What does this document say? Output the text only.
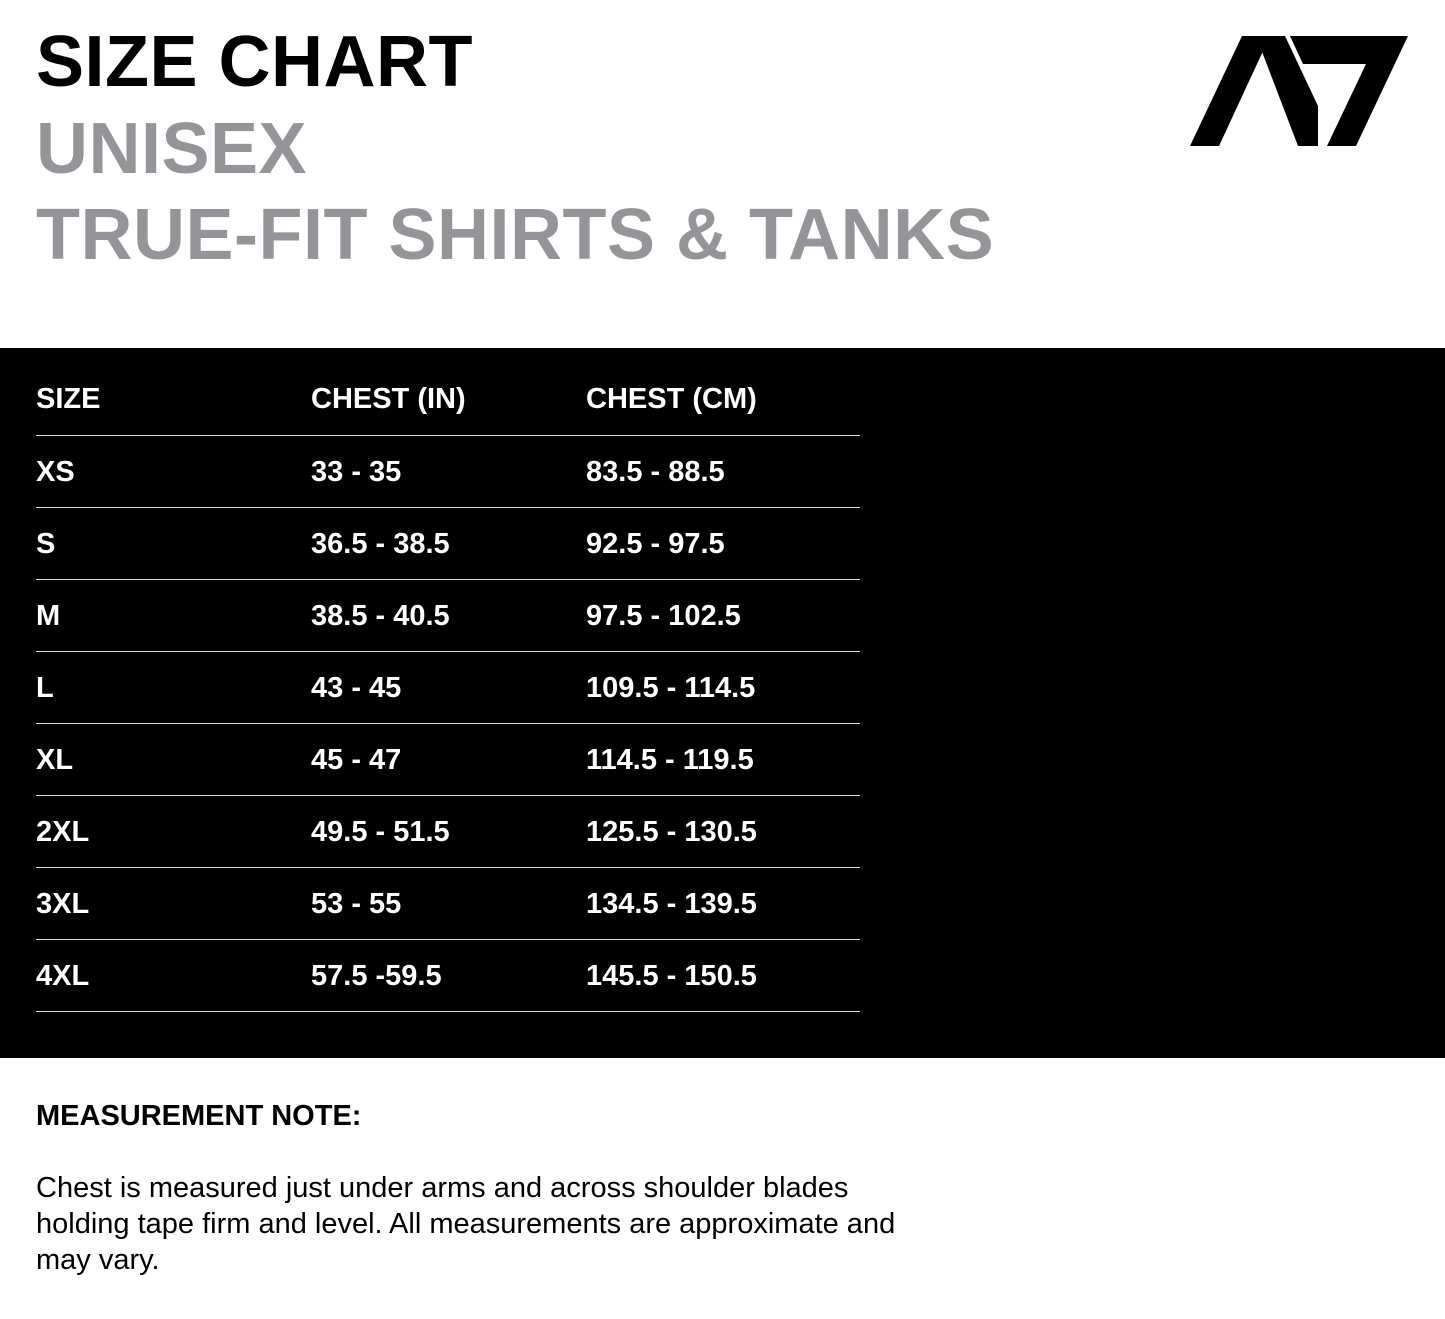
SIZE CHART
UNISEX
TRUE-FIT SHIRTS & TANKS
SIZE	CHEST (IN)	CHEST (CM)
XS	33 - 35	83.5 - 88.5
S	36.5 - 38.5	92.5 - 97.5
M	38.5 - 40.5	97.5 - 102.5
L	43 - 45	109.5 - 114.5
XL	45 - 47	114.5 - 119.5
2XL	49.5 - 51.5	125.5 - 130.5
3XL	53 - 55	134.5 - 139.5
4XL	57.5 -59.5	145.5 - 150.5

MEASUREMENT NOTE:

Chest is measured just under arms and across shoulder blades holding tape firm and level. All measurements are approximate and may vary.
